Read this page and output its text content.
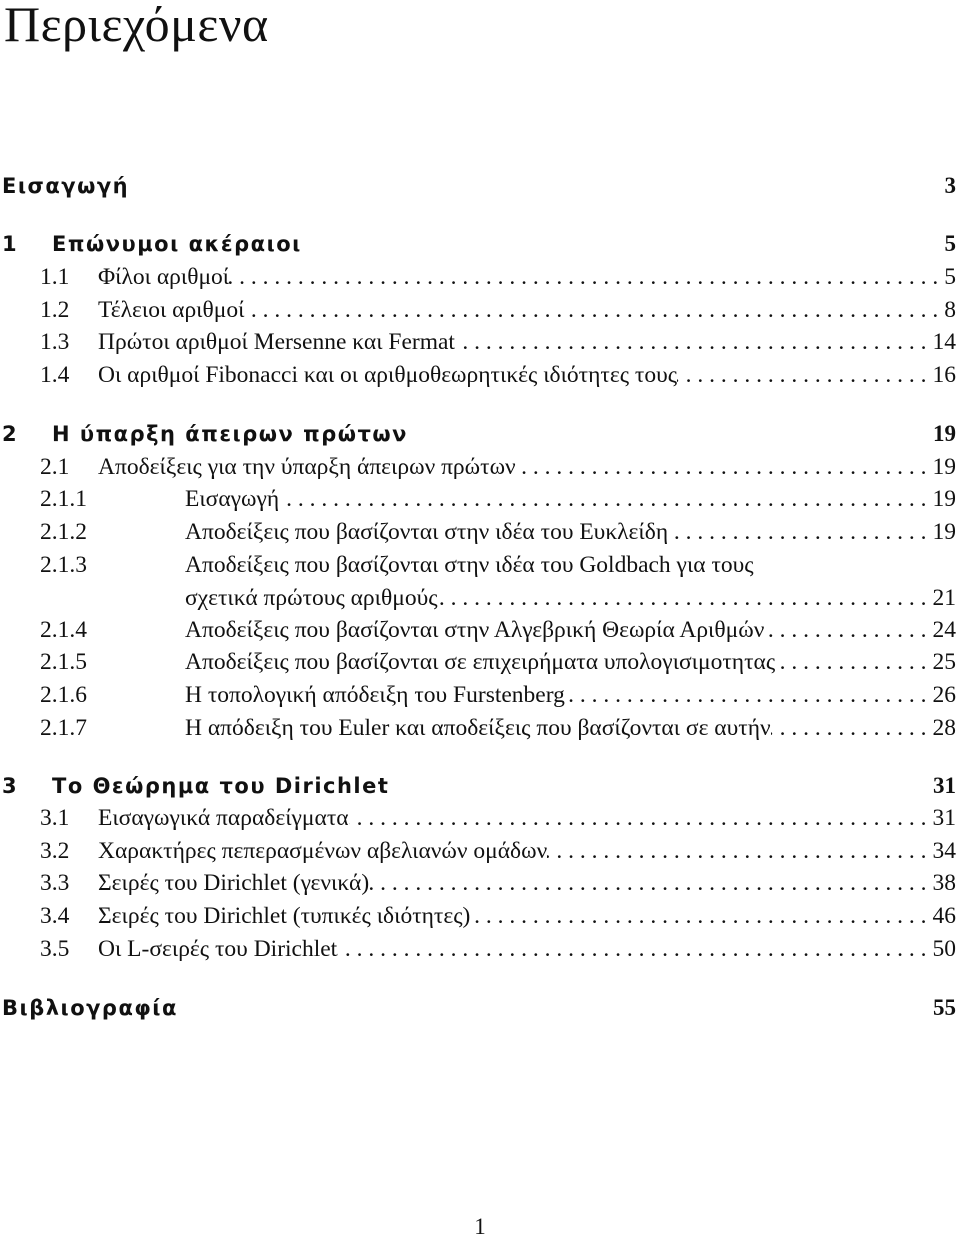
Περιεχόμενα
Εισαγωγή	3
1	Επώνυμοι ακέραιοι	5
1.1	Φίλοι αριθμοί . . .	5
1.2	Τέλειοι αριθμοί . . .	8
1.3	Πρώτοι αριθμοί Mersenne και Fermat . . .	14
1.4	Οι αριθμοί Fibonacci και οι αριθμοθεωρητικές ιδιότητες τους . . .	16
2	Η ύπαρξη άπειρων πρώτων	19
2.1	Αποδείξεις για την ύπαρξη άπειρων πρώτων . . .	19
2.1.1	Εισαγωγή . . .	19
2.1.2	Αποδείξεις που βασίζονται στην ιδέα του Ευκλείδη . . .	19
2.1.3	Αποδείξεις που βασίζονται στην ιδέα του Goldbach για τους
σχετικά πρώτους αριθμούς . . .	21
2.1.4	Αποδείξεις που βασίζονται στην Αλγεβρική Θεωρία Αριθμών . . .	24
2.1.5	Αποδείξεις που βασίζονται σε επιχειρήματα υπολογισιμοτητας . . .	25
2.1.6	Η τοπολογική απόδειξη του Furstenberg . . .	26
2.1.7	Η απόδειξη του Euler και αποδείξεις που βασίζονται σε αυτήν . . .	28
3	Το Θεώρημα του Dirichlet	31
3.1	Εισαγωγικά παραδείγματα . . .	31
3.2	Χαρακτήρες πεπερασμένων αβελιανών ομάδων . . .	34
3.3	Σειρές του Dirichlet (γενικά) . . .	38
3.4	Σειρές του Dirichlet (τυπικές ιδιότητες) . . .	46
3.5	Οι L-σειρές του Dirichlet . . .	50
Βιβλιογραφία	55
1
